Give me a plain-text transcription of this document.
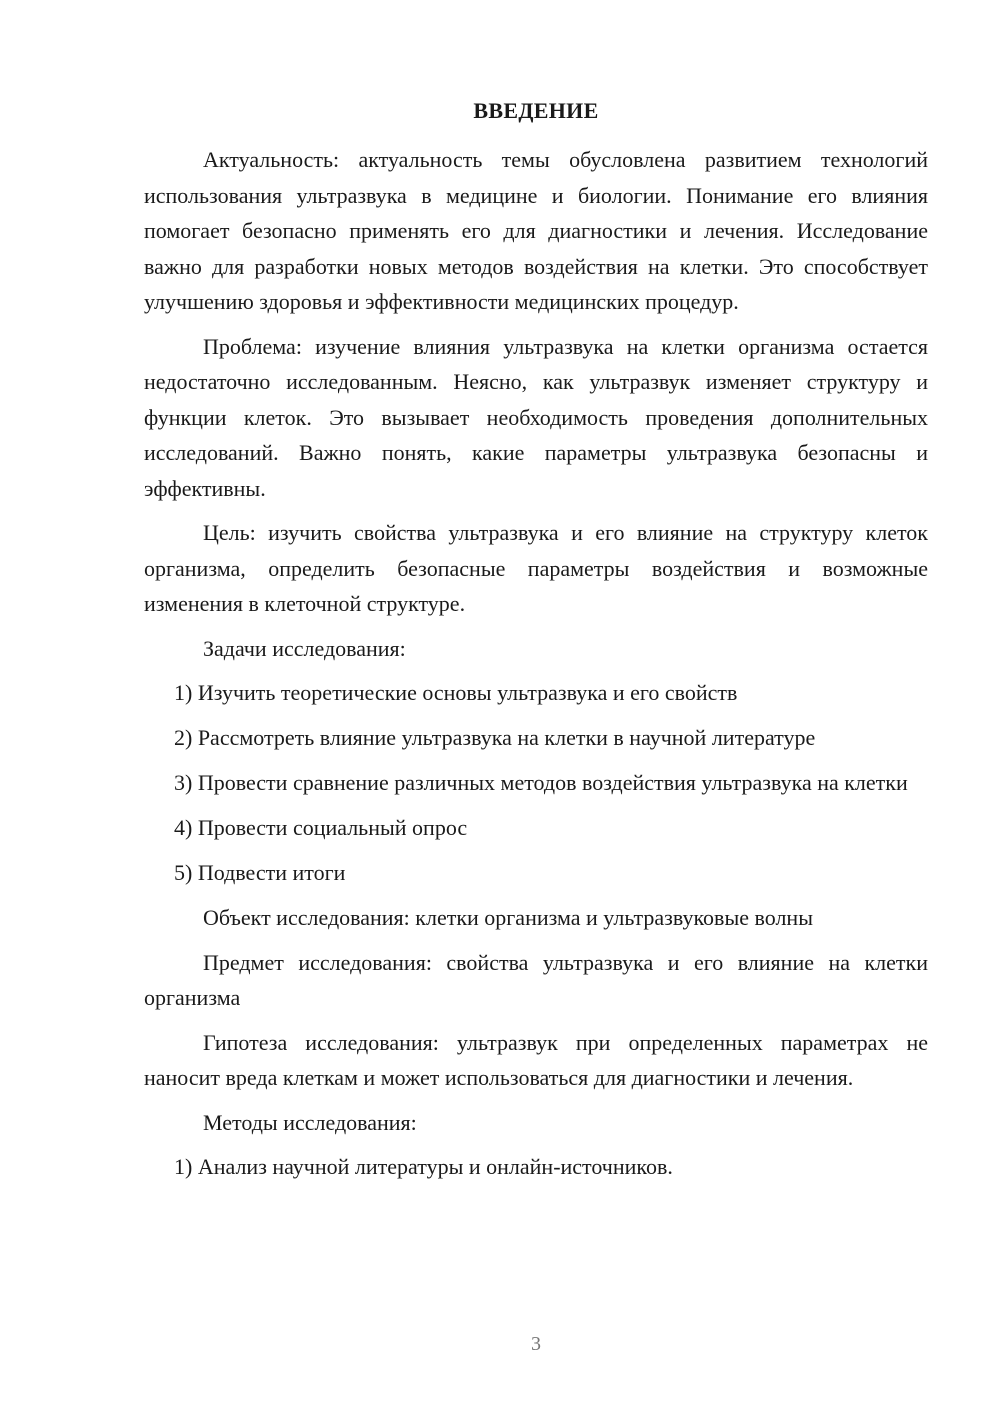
ВВЕДЕНИЕ

Актуальность: актуальность темы обусловлена развитием технологий использования ультразвука в медицине и биологии. Понимание его влияния помогает безопасно применять его для диагностики и лечения. Исследование важно для разработки новых методов воздействия на клетки. Это способствует улучшению здоровья и эффективности медицинских процедур.

Проблема: изучение влияния ультразвука на клетки организма остается недостаточно исследованным. Неясно, как ультразвук изменяет структуру и функции клеток. Это вызывает необходимость проведения дополнительных исследований. Важно понять, какие параметры ультразвука безопасны и эффективны.

Цель: изучить свойства ультразвука и его влияние на структуру клеток организма, определить безопасные параметры воздействия и возможные изменения в клеточной структуре.

Задачи исследования:

1) Изучить теоретические основы ультразвука и его свойств

2) Рассмотреть влияние ультразвука на клетки в научной литературе

3) Провести сравнение различных методов воздействия ультразвука на клетки

4) Провести социальный опрос

5) Подвести итоги

Объект исследования: клетки организма и ультразвуковые волны

Предмет исследования: свойства ультразвука и его влияние на клетки организма

Гипотеза исследования: ультразвук при определенных параметрах не наносит вреда клеткам и может использоваться для диагностики и лечения.

Методы исследования:

1) Анализ научной литературы и онлайн-источников.

3
